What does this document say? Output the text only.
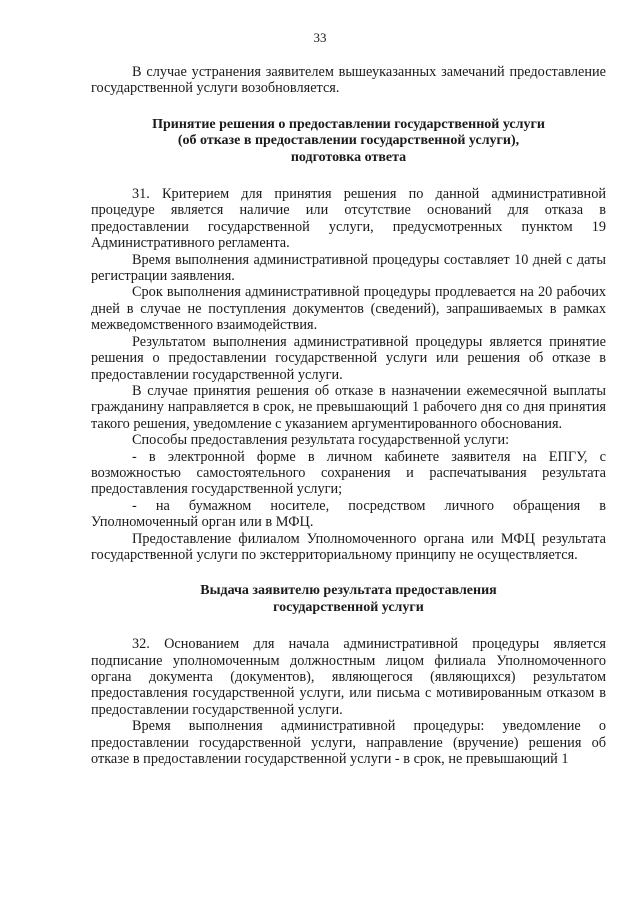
33

В случае устранения заявителем вышеуказанных замечаний предоставление государственной услуги возобновляется.

Принятие решения о предоставлении государственной услуги

(об отказе в предоставлении государственной услуги),

подготовка ответа

31. Критерием для принятия решения по данной административной процедуре является наличие или отсутствие оснований для отказа в предоставлении государственной услуги, предусмотренных пунктом 19 Административного регламента.

Время выполнения административной процедуры составляет 10 дней с даты регистрации заявления.

Срок выполнения административной процедуры продлевается на 20 рабочих дней в случае не поступления документов (сведений), запрашиваемых в рамках межведомственного взаимодействия.

Результатом выполнения административной процедуры является принятие решения о предоставлении государственной услуги или решения об отказе в предоставлении государственной услуги.

В случае принятия решения об отказе в назначении ежемесячной выплаты гражданину направляется в срок, не превышающий 1 рабочего дня со дня принятия такого решения, уведомление с указанием аргументированного обоснования.

Способы предоставления результата государственной услуги:

- в электронной форме в личном кабинете заявителя на ЕПГУ, с возможностью самостоятельного сохранения и распечатывания результата предоставления государственной услуги;

- на бумажном носителе, посредством личного обращения в Уполномоченный орган или в МФЦ.

Предоставление филиалом Уполномоченного органа или МФЦ результата государственной услуги по экстерриториальному принципу не осуществляется.

Выдача заявителю результата предоставления

государственной услуги

32. Основанием для начала административной процедуры является подписание уполномоченным должностным лицом филиала Уполномоченного органа документа (документов), являющегося (являющихся) результатом предоставления государственной услуги, или письма с мотивированным отказом в предоставлении государственной услуги.

Время выполнения административной процедуры: уведомление о предоставлении государственной услуги, направление (вручение) решения об отказе в предоставлении государственной услуги - в срок, не превышающий 1
